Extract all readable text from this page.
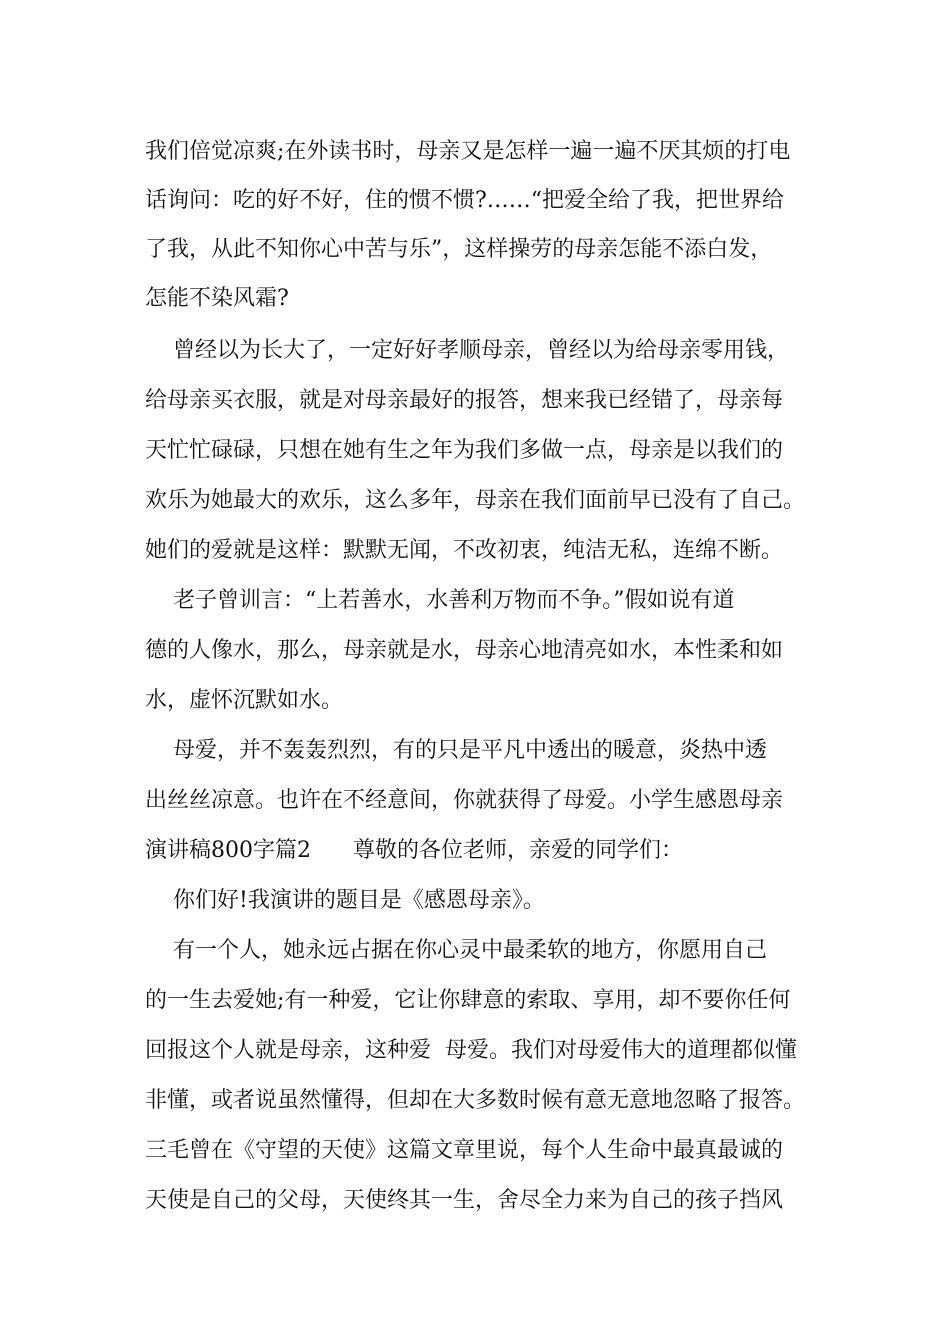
我们倍觉凉爽;在外读书时，母亲又是怎样一遍一遍不厌其烦的打电
话询问：吃的好不好，住的惯不惯?……“把爱全给了我，把世界给
了我，从此不知你心中苦与乐”，这样操劳的母亲怎能不添白发，
怎能不染风霜?
曾经以为长大了，一定好好孝顺母亲，曾经以为给母亲零用钱，
给母亲买衣服，就是对母亲最好的报答，想来我已经错了，母亲每
天忙忙碌碌，只想在她有生之年为我们多做一点，母亲是以我们的
欢乐为她最大的欢乐，这么多年，母亲在我们面前早已没有了自己。
她们的爱就是这样：默默无闻，不改初衷，纯洁无私，连绵不断。
老子曾训言：“上若善水，水善利万物而不争。”假如说有道
德的人像水，那么，母亲就是水，母亲心地清亮如水，本性柔和如
水，虚怀沉默如水。
母爱，并不轰轰烈烈，有的只是平凡中透出的暖意，炎热中透
出丝丝凉意。也许在不经意间，你就获得了母爱。小学生感恩母亲
演讲稿800字篇2      尊敬的各位老师，亲爱的同学们：
你们好!我演讲的题目是《感恩母亲》。
有一个人，她永远占据在你心灵中最柔软的地方，你愿用自己
的一生去爱她;有一种爱，它让你肆意的索取、享用，却不要你任何
回报这个人就是母亲，这种爱  母爱。我们对母爱伟大的道理都似懂
非懂，或者说虽然懂得，但却在大多数时候有意无意地忽略了报答。
三毛曾在《守望的天使》这篇文章里说，每个人生命中最真最诚的
天使是自己的父母，天使终其一生，舍尽全力来为自己的孩子挡风
